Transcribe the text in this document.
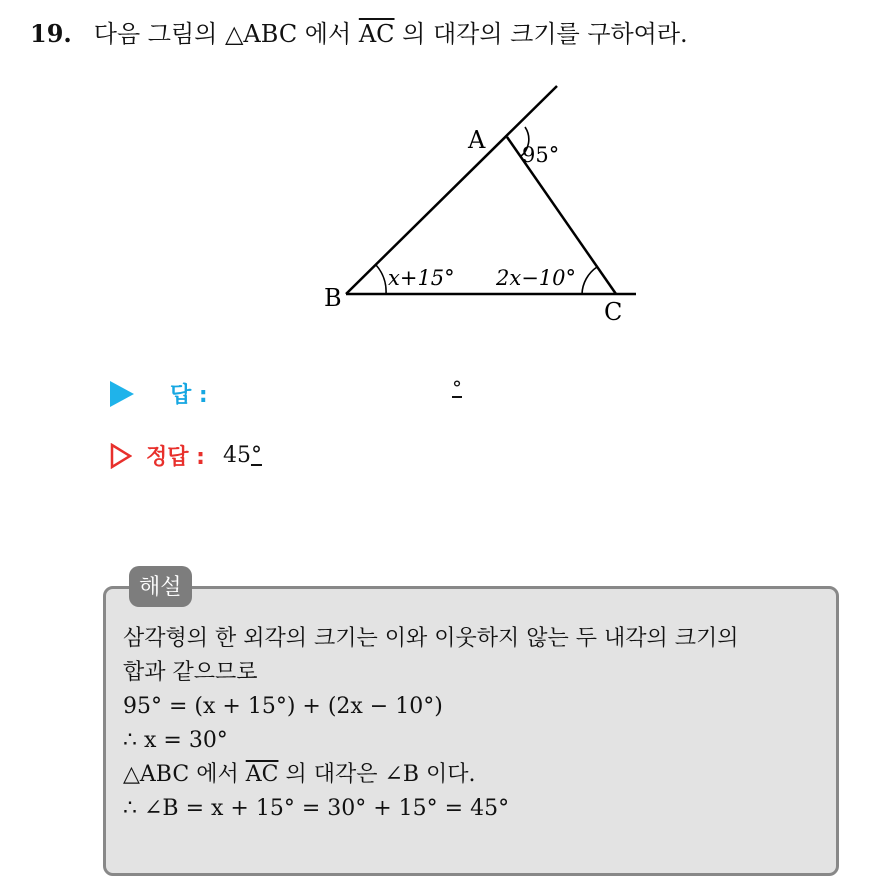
19. 다음 그림의 △ABC 에서 $\overline{AC}$ 의 대각의 크기를 구하여라.
A
B	C
95°
x+15° 2x−10°
답 :	°
정답 : 45°
해설
삼각형의 한 외각의 크기는 이와 이웃하지 않는 두 내각의 크기의
합과 같으므로
95° = (x + 15°) + (2x − 10°)
∴ x = 30°
△ABC 에서 $\overline{AC}$ 의 대각은 ∠B 이다.
∴ ∠B = x + 15° = 30° + 15° = 45°
